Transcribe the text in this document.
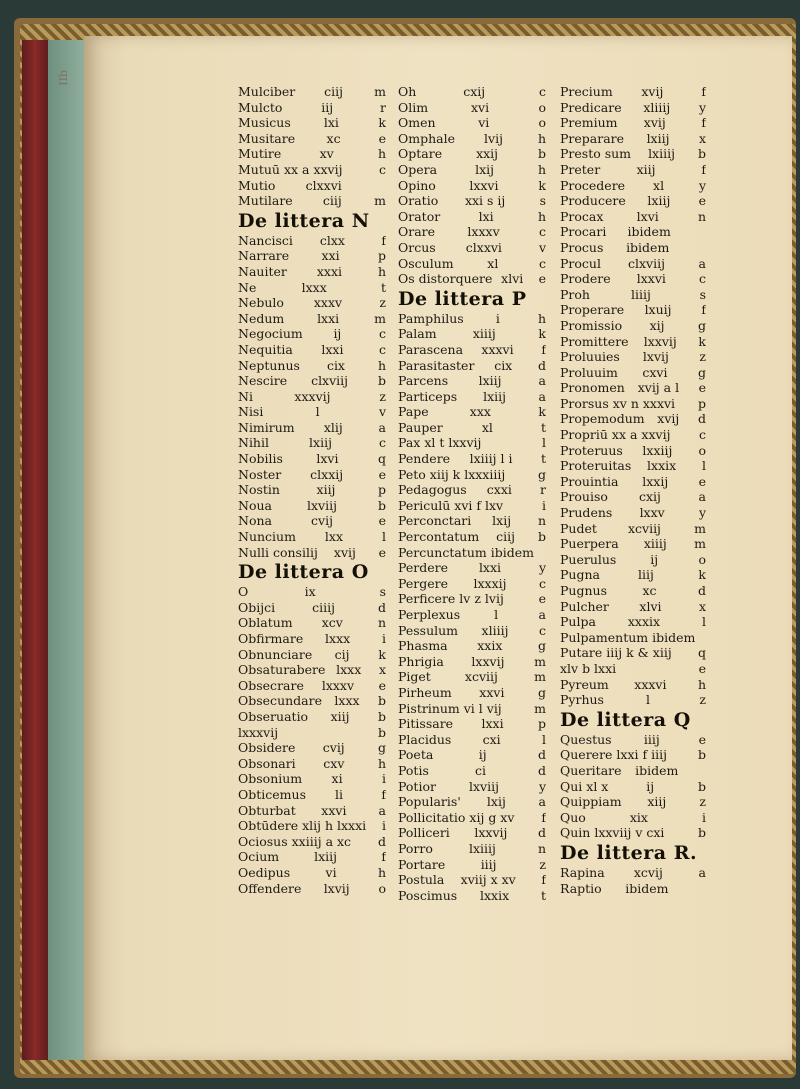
IIb
Mulciber	ciij	m
Mulcto	iij	r
Musicus	lxi	k
Musitare	xc	e
Mutire	xv	h
Mutuū xx a xxvij	c
Mutio	clxxvi
Mutilare	ciij	m
De littera N
Nancisci	clxx	f
Narrare	xxi	p
Nauiter	xxxi	h
Ne	lxxx	t
Nebulo	xxxv	z
Nedum	lxxi	m
Negocium	ij	c
Nequitia	lxxi	c
Neptunus	cix	h
Nescire	clxviij	b
Ni	xxxvij	z
Nisi	l	v
Nimirum	xlij	a
Nihil	lxiij	c
Nobilis	lxvi	q
Noster	clxxij	e
Nostin	xiij	p
Noua	lxviij	b
Nona	cvij	e
Nuncium	lxx	l
Nulli consilij	xvij	e
De littera O
O	ix	s
Obijci	ciiij	d
Oblatum	xcv	n
Obfirmare	lxxx	i
Obnunciare	cij	k
Obsaturabere lxxx	x
Obsecrare	lxxxv	e
Obsecundare lxxx	b
Obseruatio	xiij	b
lxxxvij	b
Obsidere	cvij	g
Obsonari	cxv	h
Obsonium	xi	i
Obticemus	li	f
Obturbat	xxvi	a
Obtūdere xlij h lxxxi	i
Ociosus xxiiij a xc	d
Ocium	lxiij	f
Oedipus	vi	h
Offendere	lxvij	o
Oh	cxij	c
Olim	xvi	o
Omen	vi	o
Omphale	lvij	h
Optare	xxij	b
Opera	lxij	h
Opino	lxxvi	k
Oratio	xxi s ij	s
Orator	lxi	h
Orare	lxxxv	c
Orcus	clxxvi	v
Osculum	xl	c
Os distorquere xlvi	e
De littera P
Pamphilus	i	h
Palam	xiiij	k
Parascena	xxxvi	f
Parasitaster	cix	d
Parcens	lxiij	a
Particeps	lxiij	a
Pape	xxx	k
Pauper	xl	t
Pax xl t lxxvij	l
Pendere	lxiiij l i	t
Peto xiij k lxxxiiij	g
Pedagogus	cxxi	r
Periculū xvi f lxv	i
Perconctari	lxij	n
Percontatum	ciij	b
Percunctatum ibidem
Perdere	lxxi	y
Pergere	lxxxij	c
Perficere lv z lvij	e
Perplexus	l	a
Pessulum	xliiij	c
Phasma	xxix	g
Phrigia	lxxvij	m
Piget	xcviij	m
Pirheum	xxvi	g
Pistrinum vi l vij	m
Pitissare	lxxi	p
Placidus	cxi	l
Poeta	ij	d
Potis	ci	d
Potior	lxviij	y
Popularis'	lxij	a
Pollicitatio xij g xv	f
Polliceri	lxxvij	d
Porro	lxiiij	n
Portare	iiij	z
Postula	xviij x xv	f
Poscimus	lxxix	t
Precium	xvij	f
Predicare	xliiij	y
Premium	xvij	f
Preparare	lxiij	x
Presto sum	lxiiij	b
Preter	xiij	f
Procedere	xl	y
Producere	lxiij	e
Procax	lxvi	n
Procari	ibidem
Procus	ibidem
Procul	clxviij	a
Prodere	lxxvi	c
Proh	liiij	s
Properare	lxuij	f
Promissio	xij	g
Promittere	lxxvij	k
Proluuies	lxvij	z
Proluuim	cxvi	g
Pronomen	xvij a l	e
Prorsus xv n xxxvi	p
Propemodum	xvij	d
Propriū xx a xxvij	c
Proteruus	lxxiij	o
Proteruitas	lxxix	l
Prouintia	lxxij	e
Prouiso	cxij	a
Prudens	lxxv	y
Pudet	xcviij	m
Puerpera	xiiij	m
Puerulus	ij	o
Pugna	liij	k
Pugnus	xc	d
Pulcher	xlvi	x
Pulpa	xxxix	l
Pulpamentum ibidem
Putare iiij k & xiij	q
xlv b lxxi	e
Pyreum	xxxvi	h
Pyrhus	l	z
De littera Q
Questus	iiij	e
Querere lxxi f iiij	b
Queritare	ibidem
Qui xl x	ij	b
Quippiam	xiij	z
Quo	xix	i
Quin lxxviij v cxi	b
De littera R.
Rapina	xcvij	a
Raptio	ibidem
